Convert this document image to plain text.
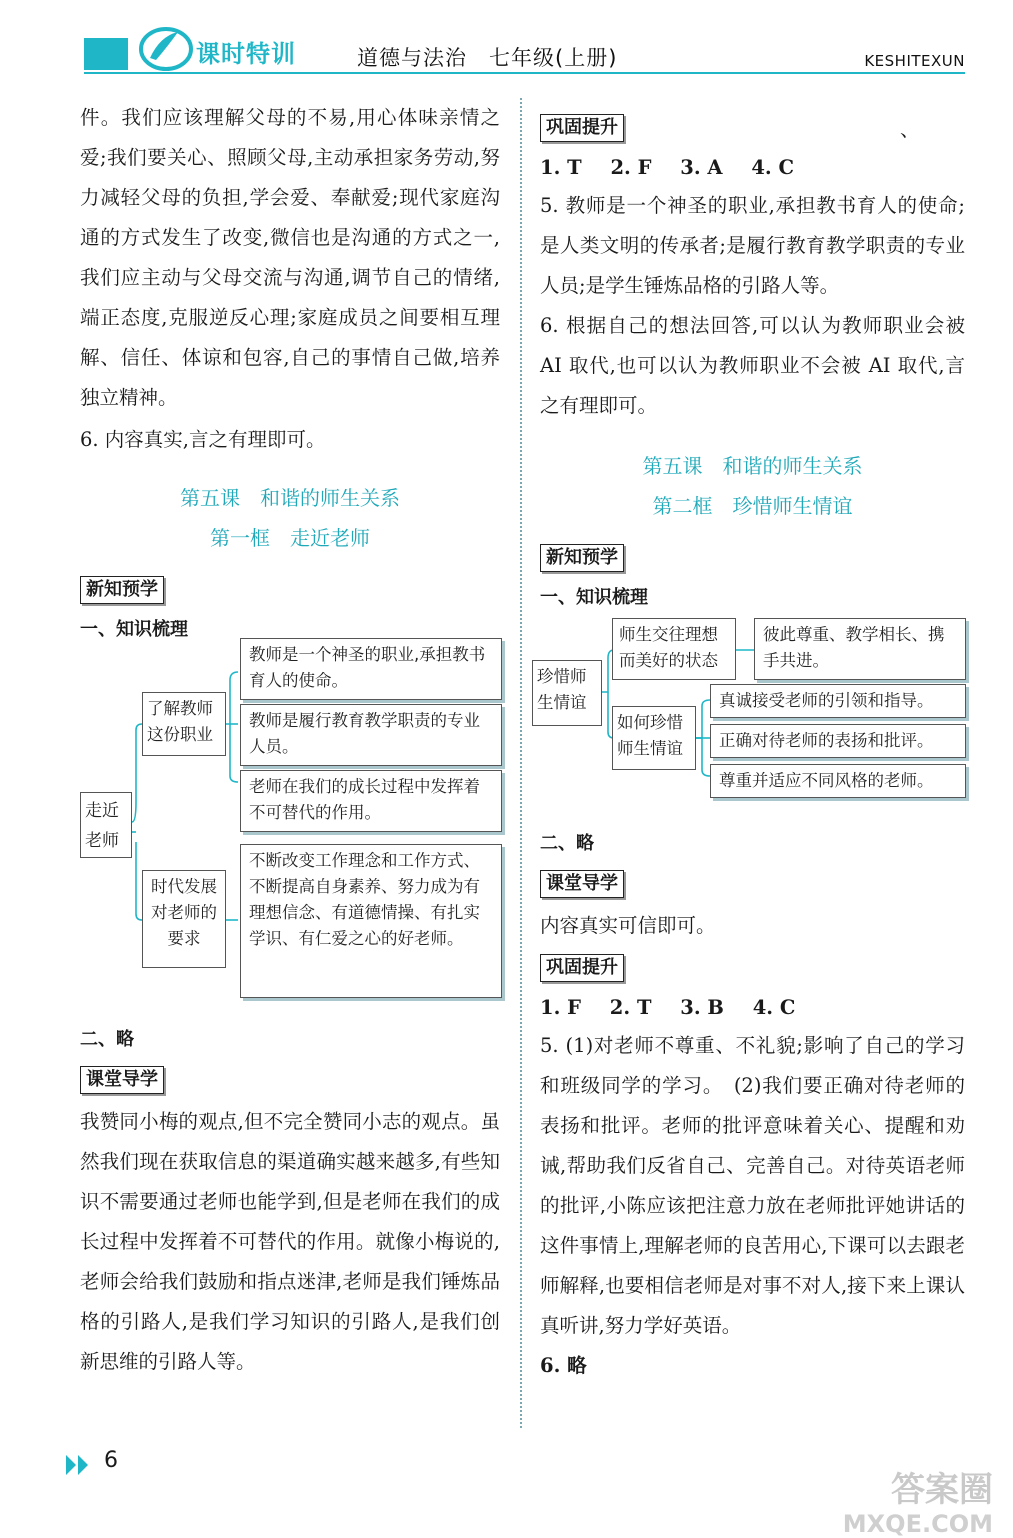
课时特训	道德与法治　七年级(上册)	KESHITEXUN

件。我们应该理解父母的不易,用心体味亲情之爱;我们要关心、照顾父母,主动承担家务劳动,努力减轻父母的负担,学会爱、奉献爱;现代家庭沟通的方式发生了改变,微信也是沟通的方式之一,我们应主动与父母交流与沟通,调节自己的情绪,端正态度,克服逆反心理;家庭成员之间要相互理解、信任、体谅和包容,自己的事情自己做,培养独立精神。

6. 内容真实,言之有理即可。

第五课　和谐的师生关系
第一框　走近老师
新知预学
一、知识梳理
走近老师
了解教师这份职业
教师是一个神圣的职业,承担教书育人的使命。
教师是履行教育教学职责的专业人员。
老师在我们的成长过程中发挥着不可替代的作用。
时代发展对老师的要求
不断改变工作理念和工作方式、不断提高自身素养、努力成为有理想信念、有道德情操、有扎实学识、有仁爱之心的好老师。
二、略
课堂导学

我赞同小梅的观点,但不完全赞同小志的观点。虽然我们现在获取信息的渠道确实越来越多,有些知识不需要通过老师也能学到,但是老师在我们的成长过程中发挥着不可替代的作用。就像小梅说的,老师会给我们鼓励和指点迷津,老师是我们锤炼品格的引路人,是我们学习知识的引路人,是我们创新思维的引路人等。

巩固提升	、
1. T 2. F 3. A 4. C

5. 教师是一个神圣的职业,承担教书育人的使命;是人类文明的传承者;是履行教育教学职责的专业人员;是学生锤炼品格的引路人等。

6. 根据自己的想法回答,可以认为教师职业会被 AI 取代,也可以认为教师职业不会被 AI 取代,言之有理即可。

第五课　和谐的师生关系
第二框　珍惜师生情谊
新知预学
一、知识梳理
珍惜师生情谊
师生交往理想而美好的状态
彼此尊重、教学相长、携手共进。
如何珍惜师生情谊
真诚接受老师的引领和指导。
正确对待老师的表扬和批评。
尊重并适应不同风格的老师。
二、略
课堂导学
内容真实可信即可。
巩固提升
1. F 2. T 3. B 4. C

5. (1)对老师不尊重、不礼貌;影响了自己的学习和班级同学的学习。　(2)我们要正确对待老师的表扬和批评。老师的批评意味着关心、提醒和劝诫,帮助我们反省自己、完善自己。对待英语老师的批评,小陈应该把注意力放在老师批评她讲话的这件事情上,理解老师的良苦用心,下课可以去跟老师解释,也要相信老师是对事不对人,接下来上课认真听讲,努力学好英语。

6. 略

6
答案圈
MXQE.COM
